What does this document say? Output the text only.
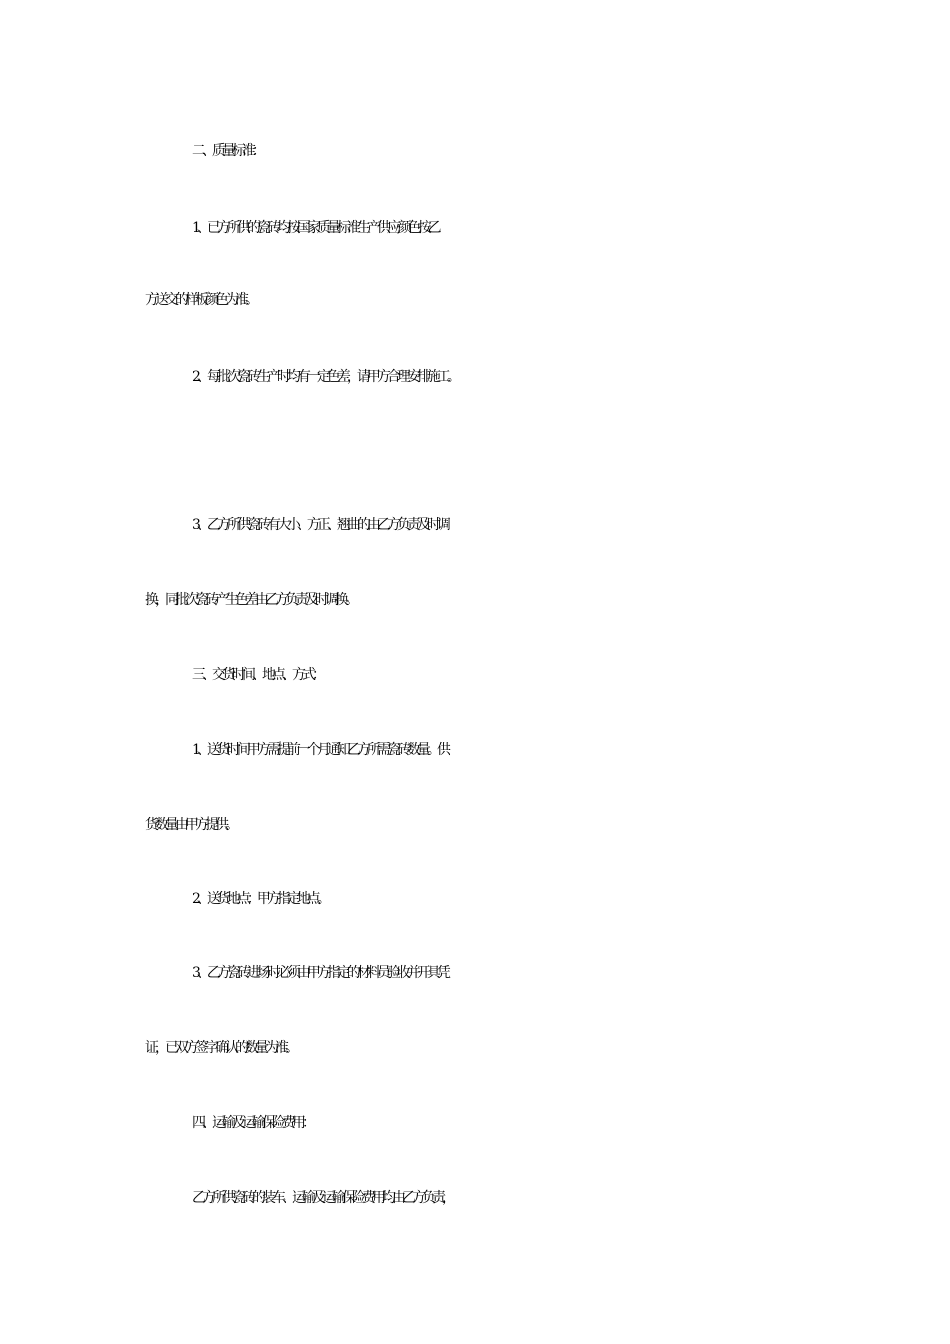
二、质量标准：
1、已方所供的瓷砖均按国家质量标准生产供应;颜色按乙
方送交的样板颜色为准。
2、每批次瓷砖生产时均有一定色差，请甲方合理安排施工。
3、乙方所供瓷砖有大小、方正、翘曲的由乙方负责及时调
换，同批次瓷砖产生色差由乙方负责及时调换。
三、交货时间、地点、方式：
1、送货时间甲方需提前一个月通知乙方所需瓷砖数量。供
货数量由甲方提供。
2、送货地点：甲方指定地点。
3、乙方瓷砖进场时必须由甲方指定的材料员验收并开具凭
证，已双方签字确认的数量为准。
四、运输及运输保险费用：
乙方所供瓷砖的装车、运输及运输保险费用均由乙方负责，
